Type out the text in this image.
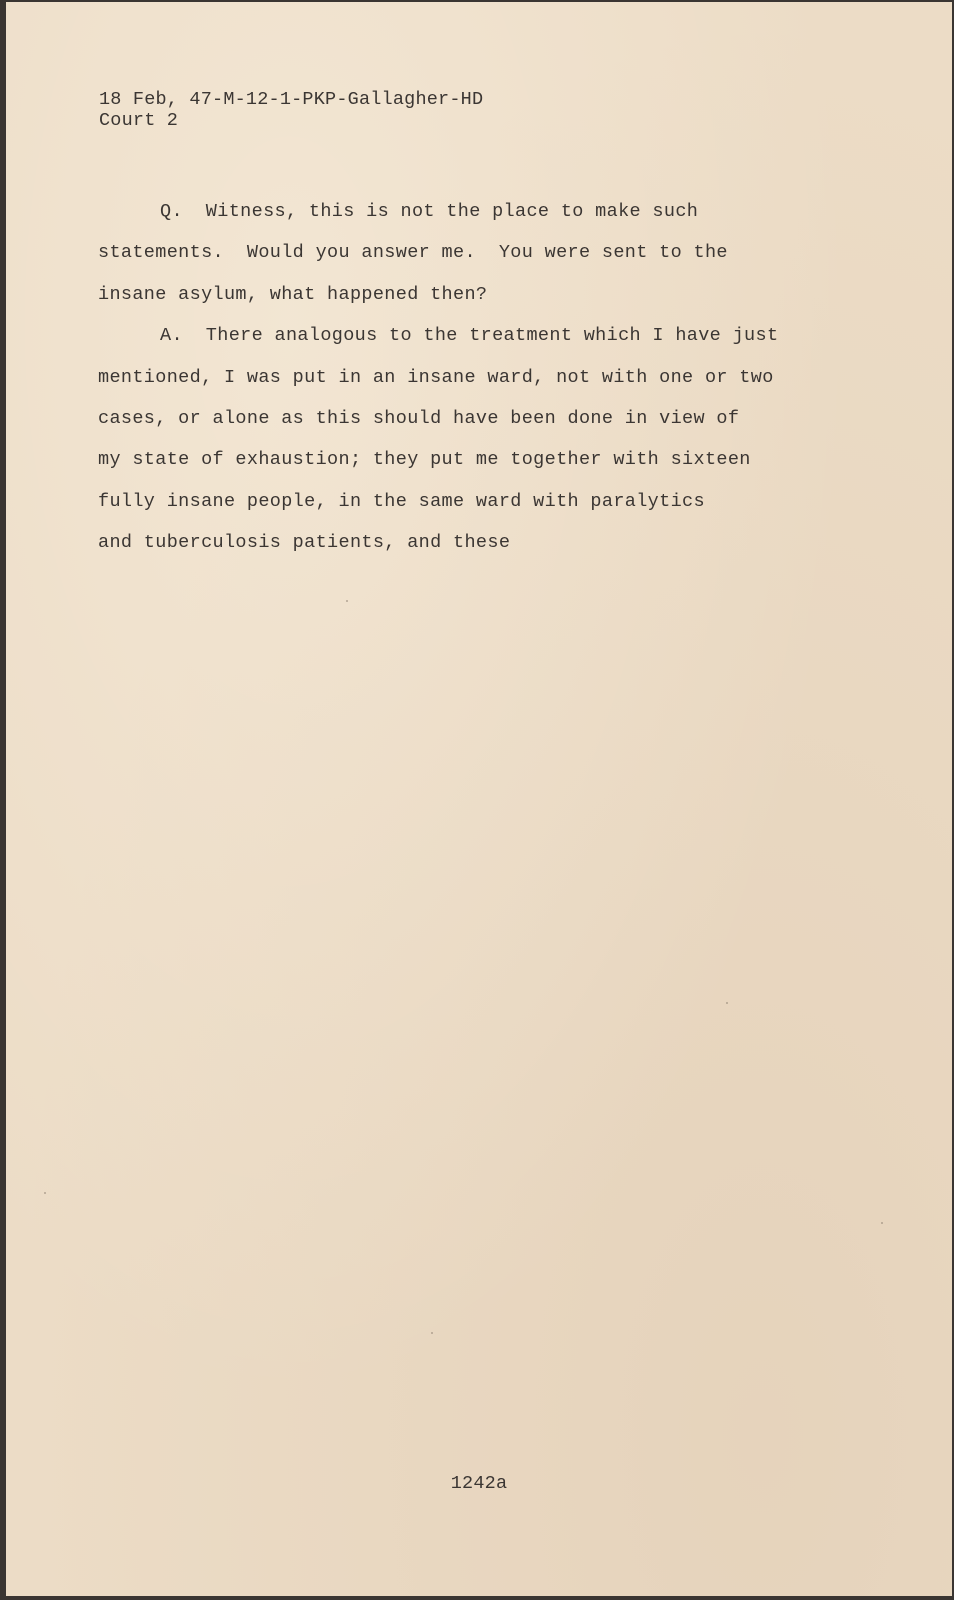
18 Feb, 47-M-12-1-PKP-Gallagher-HD
Court 2
Q.  Witness, this is not the place to make such
statements.  Would you answer me.  You were sent to the
insane asylum, what happened then?
A.  There analogous to the treatment which I have just
mentioned, I was put in an insane ward, not with one or two
cases, or alone as this should have been done in view of
my state of exhaustion; they put me together with sixteen
fully insane people, in the same ward with paralytics
and tuberculosis patients, and these
1242a
